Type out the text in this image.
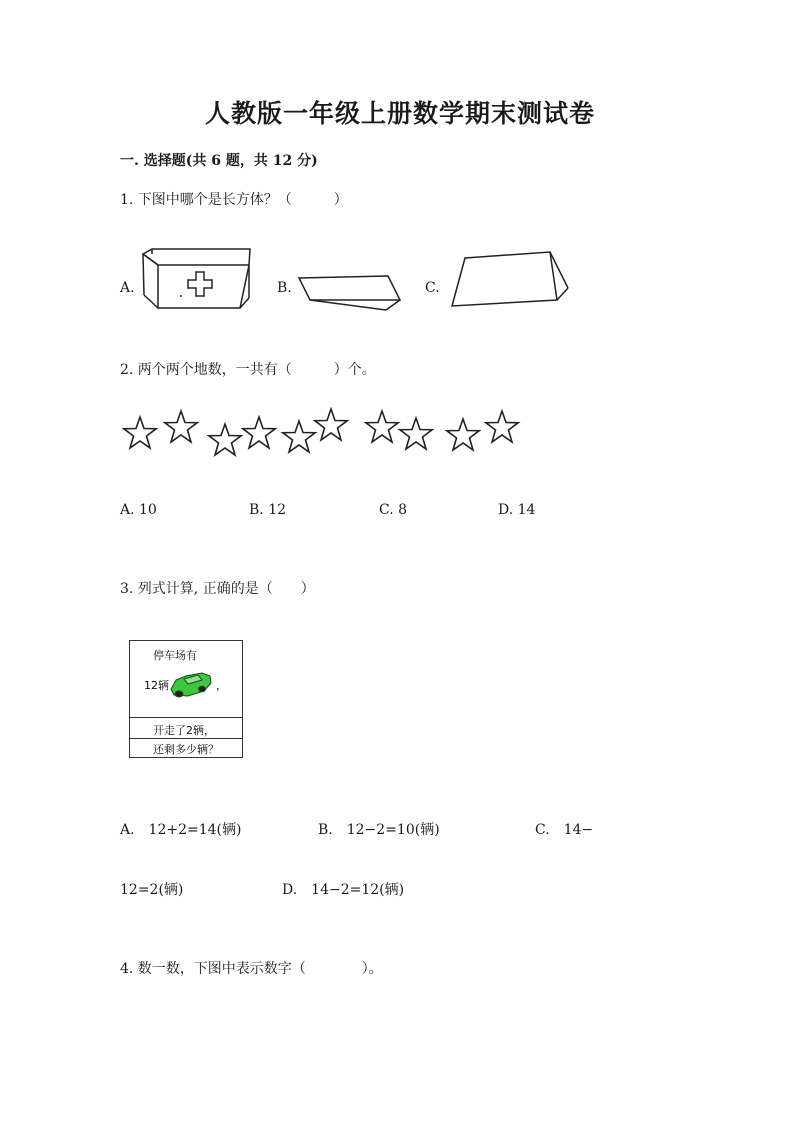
人教版一年级上册数学期末测试卷
一. 选择题(共 6 题，共 12 分)
1. 下图中哪个是长方体？（　　　）
A.	B.	C.
2. 两个两个地数，一共有（　　　）个。
A. 10	B. 12	C. 8	D. 14
3. 列式计算, 正确的是（　　）
停车场有
12辆	，
开走了2辆，
还剩多少辆？
A.　12+2=14(辆)	B.　12−2=10(辆)	C.　14−
12=2(辆)	D.　14−2=12(辆)
4. 数一数，下图中表示数字（　　　　）。
